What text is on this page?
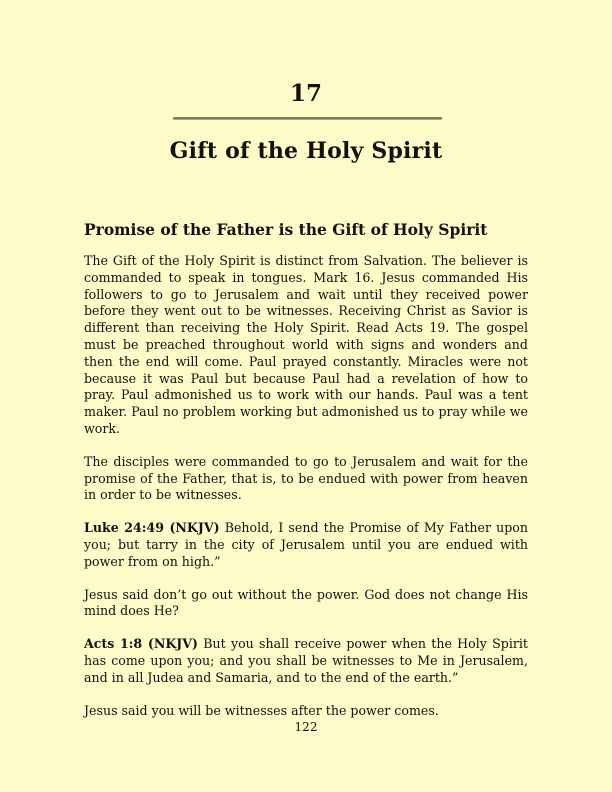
17
Gift of the Holy Spirit
Promise of the Father is the Gift of Holy Spirit

The Gift of the Holy Spirit is distinct from Salvation. The believer is commanded to speak in tongues. Mark 16. Jesus commanded His followers to go to Jerusalem and wait until they received power before they went out to be witnesses. Receiving Christ as Savior is different than receiving the Holy Spirit. Read Acts 19. The gospel must be preached throughout world with signs and wonders and then the end will come. Paul prayed constantly. Miracles were not because it was Paul but because Paul had a revelation of how to pray. Paul admonished us to work with our hands. Paul was a tent maker. Paul no problem working but admonished us to pray while we work.

The disciples were commanded to go to Jerusalem and wait for the promise of the Father, that is, to be endued with power from heaven in order to be witnesses.

Luke 24:49 (NKJV) Behold, I send the Promise of My Father upon you; but tarry in the city of Jerusalem until you are endued with power from on high.”

Jesus said don’t go out without the power. God does not change His mind does He?

Acts 1:8 (NKJV) But you shall receive power when the Holy Spirit has come upon you; and you shall be witnesses to Me in Jerusalem, and in all Judea and Samaria, and to the end of the earth.”

Jesus said you will be witnesses after the power comes.

122
